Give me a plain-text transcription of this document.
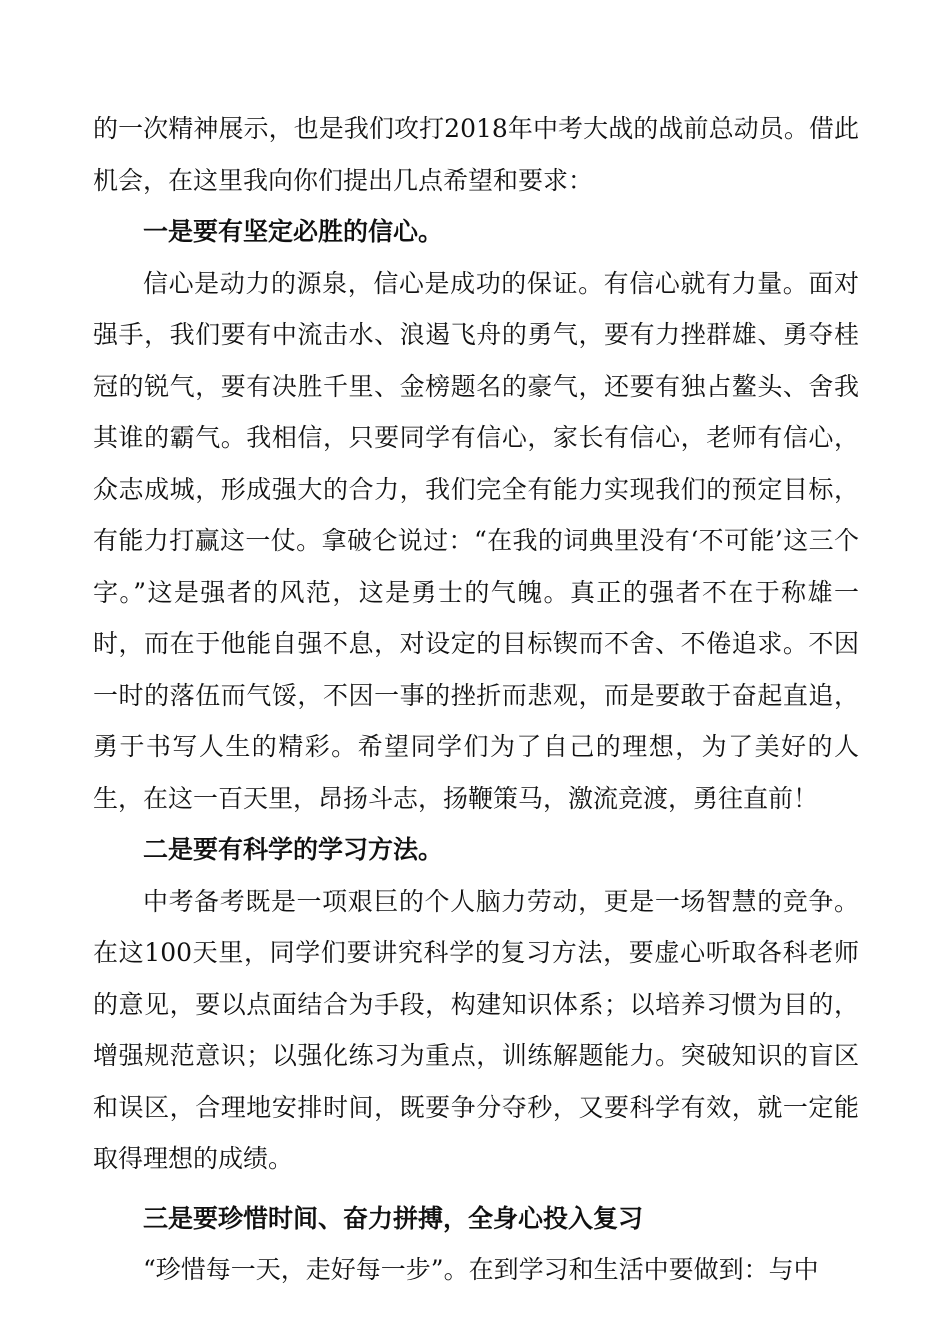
的一次精神展示，也是我们攻打2018年中考大战的战前总动员。借此机会，在这里我向你们提出几点希望和要求：

一是要有坚定必胜的信心。

信心是动力的源泉，信心是成功的保证。有信心就有力量。面对强手，我们要有中流击水、浪遏飞舟的勇气，要有力挫群雄、勇夺桂冠的锐气，要有决胜千里、金榜题名的豪气，还要有独占鳌头、舍我其谁的霸气。我相信，只要同学有信心，家长有信心，老师有信心，众志成城，形成强大的合力，我们完全有能力实现我们的预定目标，有能力打赢这一仗。拿破仑说过：“在我的词典里没有‘不可能’这三个字。”这是强者的风范，这是勇士的气魄。真正的强者不在于称雄一时，而在于他能自强不息，对设定的目标锲而不舍、不倦追求。不因一时的落伍而气馁，不因一事的挫折而悲观，而是要敢于奋起直追，勇于书写人生的精彩。希望同学们为了自己的理想，为了美好的人生，在这一百天里，昂扬斗志，扬鞭策马，激流竞渡，勇往直前！

二是要有科学的学习方法。

中考备考既是一项艰巨的个人脑力劳动，更是一场智慧的竞争。在这100天里，同学们要讲究科学的复习方法，要虚心听取各科老师的意见，要以点面结合为手段，构建知识体系；以培养习惯为目的，增强规范意识；以强化练习为重点，训练解题能力。突破知识的盲区和误区，合理地安排时间，既要争分夺秒，又要科学有效，就一定能取得理想的成绩。

三是要珍惜时间、奋力拼搏，全身心投入复习

“珍惜每一天，走好每一步”。在到学习和生活中要做到：与中
